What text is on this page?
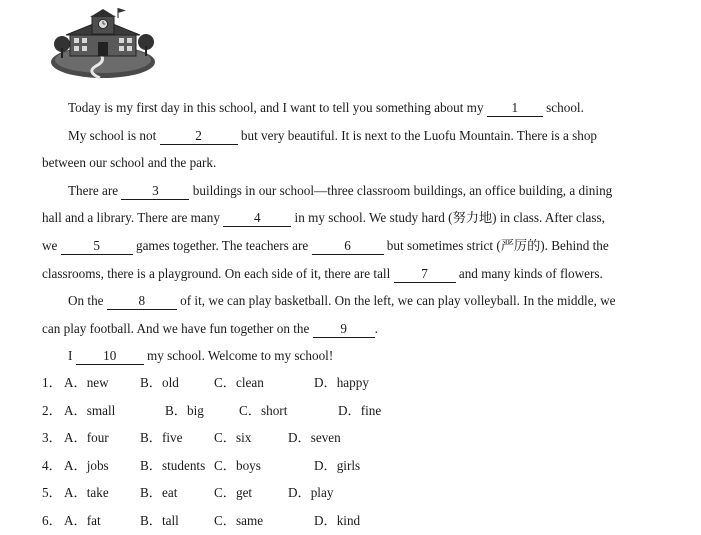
Today is my first day in this school, and I want to tell you something about my 1 school.
My school is not	2	but very beautiful. It is next to the Luofu Mountain. There is a shop
between our school and the park.
There are	3	buildings in our school—three classroom buildings, an office building, a dining
hall and a library. There are many	4	in my school. We study hard (努力地) in class. After class,
we	5	games together. The teachers are	6	but sometimes strict (严厉的). Behind the
classrooms, there is a playground. On each side of it, there are tall 7 and many kinds of flowers.
On the	8	of it, we can play basketball. On the left, we can play volleyball. In the middle, we
can play football. And we have fun together on the 9 .
I 10 my school. Welcome to my school!
1． A．new B．old	C．clean	D．happy
2． A．small	B．big	C．short	D．fine
3． A．four B．five C．six	D．seven
4． A．jobs B．students C．boys	D．girls
5． A．take B．eat	C．get	D．play
6． A．fat	B．tall	C．same	D．kind
